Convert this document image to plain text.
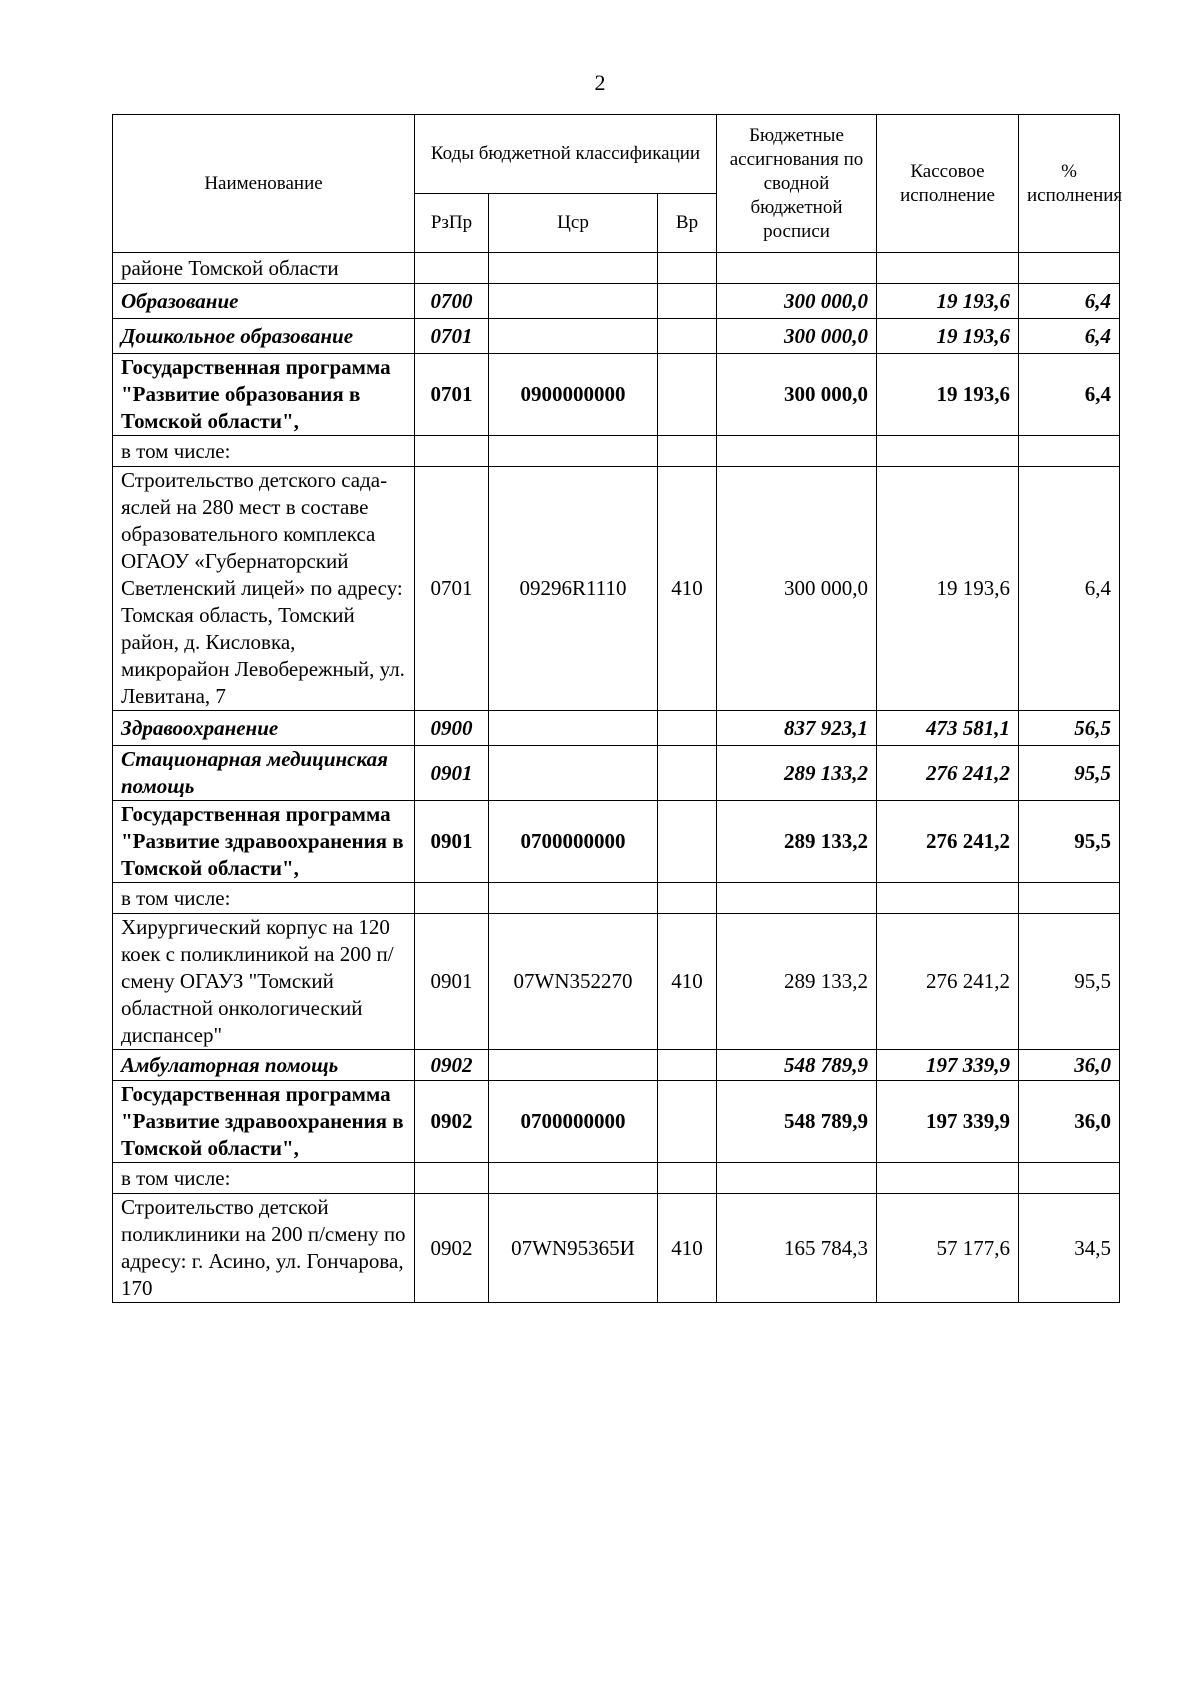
2
Наименование	Коды бюджетной классификации			Бюджетные ассигнования по сводной бюджетной росписи	Кассовое исполнение	% исполнения
	РзПр	Цср	Вр			
районе Томской области						
Образование	0700			300 000,0	19 193,6	6,4
Дошкольное образование	0701			300 000,0	19 193,6	6,4
Государственная программа "Развитие образования в Томской области",	0701	0900000000		300 000,0	19 193,6	6,4
в том числе:						
Строительство детского сада-яслей на 280 мест в составе образовательного комплекса ОГАОУ «Губернаторский Светленский лицей» по адресу: Томская область, Томский район, д. Кисловка, микрорайон Левобережный, ул. Левитана, 7	0701	09296R1110	410	300 000,0	19 193,6	6,4
Здравоохранение	0900			837 923,1	473 581,1	56,5
Стационарная медицинская помощь	0901			289 133,2	276 241,2	95,5
Государственная программа "Развитие здравоохранения в Томской области",	0901	0700000000		289 133,2	276 241,2	95,5
в том числе:						
Хирургический корпус на 120 коек с поликлиникой на 200 п/смену ОГАУЗ "Томский областной онкологический диспансер"	0901	07WN352270	410	289 133,2	276 241,2	95,5
Амбулаторная помощь	0902			548 789,9	197 339,9	36,0
Государственная программа "Развитие здравоохранения в Томской области",	0902	0700000000		548 789,9	197 339,9	36,0
в том числе:						
Строительство детской поликлиники на 200 п/смену по адресу: г. Асино, ул. Гончарова, 170	0902	07WN95365И	410	165 784,3	57 177,6	34,5
